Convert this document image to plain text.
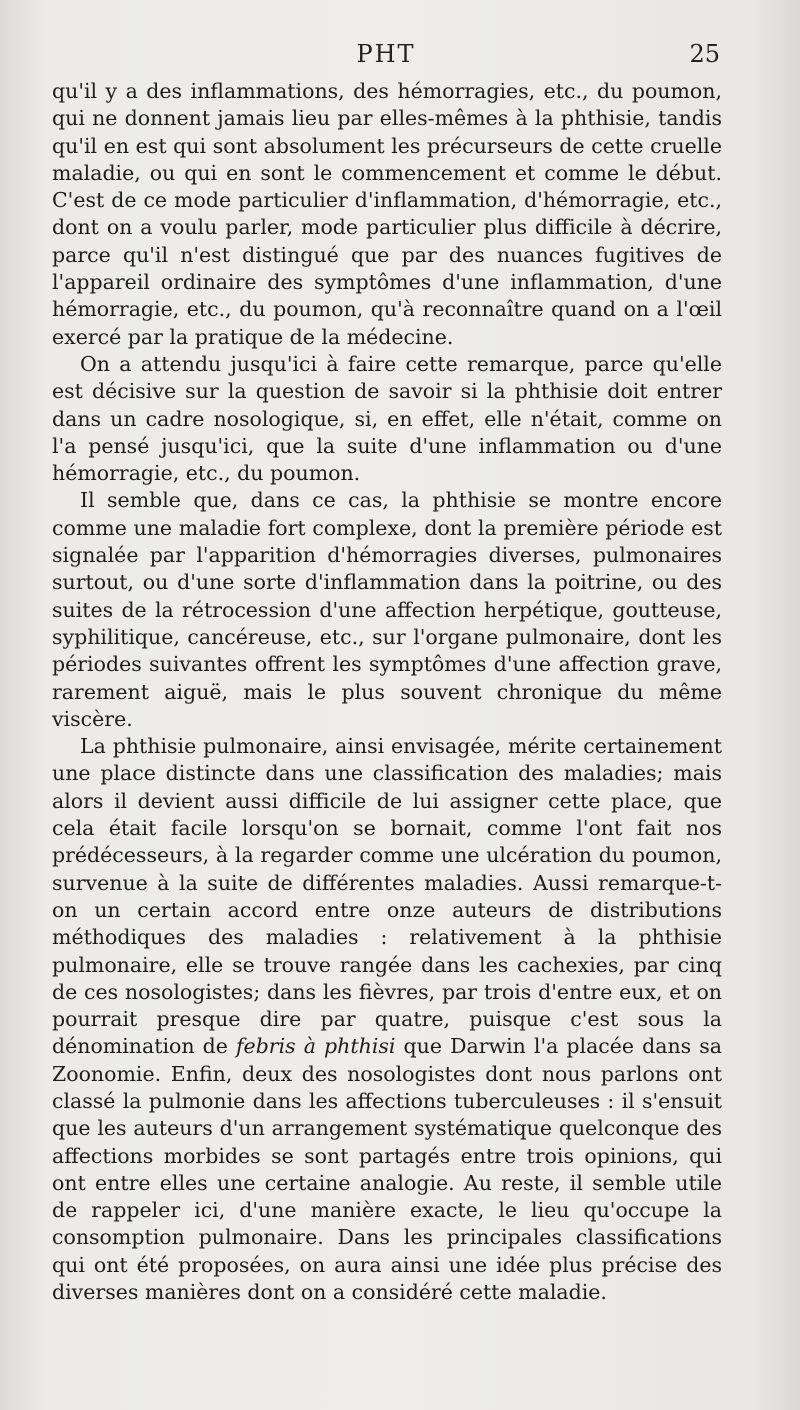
PHT	25

qu'il y a des inflammations, des hémorragies, etc., du poumon, qui ne donnent jamais lieu par elles-mêmes à la phthisie, tandis qu'il en est qui sont absolument les précurseurs de cette cruelle maladie, ou qui en sont le commencement et comme le début. C'est de ce mode particulier d'inflammation, d'hémorragie, etc., dont on a voulu parler, mode particulier plus difficile à décrire, parce qu'il n'est distingué que par des nuances fugitives de l'appareil ordinaire des symptômes d'une inflammation, d'une hémorragie, etc., du poumon, qu'à reconnaître quand on a l'œil exercé par la pratique de la médecine.

On a attendu jusqu'ici à faire cette remarque, parce qu'elle est décisive sur la question de savoir si la phthisie doit entrer dans un cadre nosologique, si, en effet, elle n'était, comme on l'a pensé jusqu'ici, que la suite d'une inflammation ou d'une hémorragie, etc., du poumon.

Il semble que, dans ce cas, la phthisie se montre encore comme une maladie fort complexe, dont la première période est signalée par l'apparition d'hémorragies diverses, pulmonaires surtout, ou d'une sorte d'inflammation dans la poitrine, ou des suites de la rétrocession d'une affection herpétique, goutteuse, syphilitique, cancéreuse, etc., sur l'organe pulmonaire, dont les périodes suivantes offrent les symptômes d'une affection grave, rarement aiguë, mais le plus souvent chronique du même viscère.

La phthisie pulmonaire, ainsi envisagée, mérite certainement une place distincte dans une classification des maladies; mais alors il devient aussi difficile de lui assigner cette place, que cela était facile lorsqu'on se bornait, comme l'ont fait nos prédécesseurs, à la regarder comme une ulcération du poumon, survenue à la suite de différentes maladies. Aussi remarque-t-on un certain accord entre onze auteurs de distributions méthodiques des maladies : relativement à la phthisie pulmonaire, elle se trouve rangée dans les cachexies, par cinq de ces nosologistes; dans les fièvres, par trois d'entre eux, et on pourrait presque dire par quatre, puisque c'est sous la dénomination de febris à phthisi que Darwin l'a placée dans sa Zoonomie. Enfin, deux des nosologistes dont nous parlons ont classé la pulmonie dans les affections tuberculeuses : il s'ensuit que les auteurs d'un arrangement systématique quelconque des affections morbides se sont partagés entre trois opinions, qui ont entre elles une certaine analogie. Au reste, il semble utile de rappeler ici, d'une manière exacte, le lieu qu'occupe la consomption pulmonaire. Dans les principales classifications qui ont été proposées, on aura ainsi une idée plus précise des diverses manières dont on a considéré cette maladie.
